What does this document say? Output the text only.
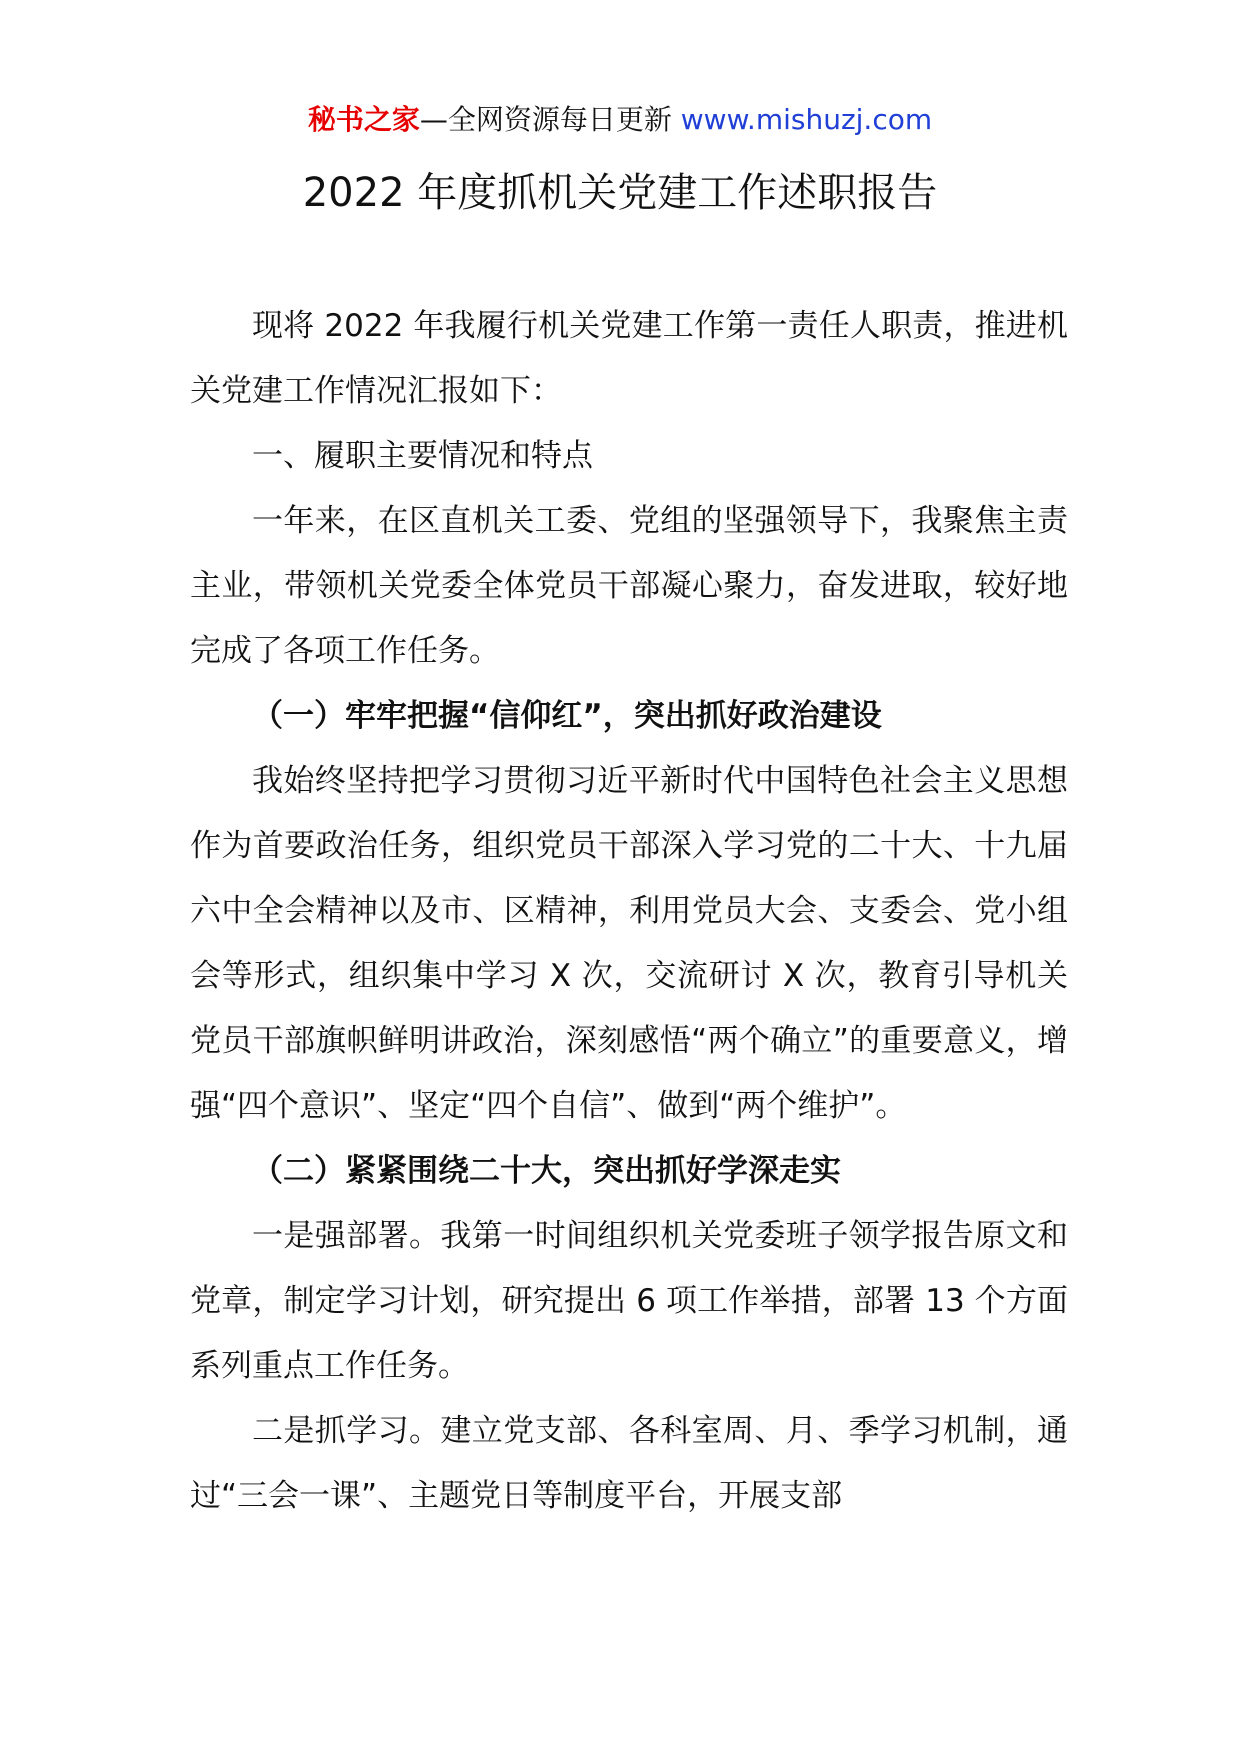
秘书之家—全网资源每日更新 www.mishuzj.com
2022 年度抓机关党建工作述职报告

现将 2022 年我履行机关党建工作第一责任人职责，推进机关党建工作情况汇报如下：

一、履职主要情况和特点

一年来，在区直机关工委、党组的坚强领导下，我聚焦主责主业，带领机关党委全体党员干部凝心聚力，奋发进取，较好地完成了各项工作任务。

（一）牢牢把握“信仰红”，突出抓好政治建设

我始终坚持把学习贯彻习近平新时代中国特色社会主义思想作为首要政治任务，组织党员干部深入学习党的二十大、十九届六中全会精神以及市、区精神，利用党员大会、支委会、党小组会等形式，组织集中学习 X 次，交流研讨 X 次，教育引导机关党员干部旗帜鲜明讲政治，深刻感悟“两个确立”的重要意义，增强“四个意识”、坚定“四个自信”、做到“两个维护”。

（二）紧紧围绕二十大，突出抓好学深走实

一是强部署。我第一时间组织机关党委班子领学报告原文和党章，制定学习计划，研究提出 6 项工作举措，部署 13 个方面系列重点工作任务。

二是抓学习。建立党支部、各科室周、月、季学习机制，通过“三会一课”、主题党日等制度平台，开展支部
